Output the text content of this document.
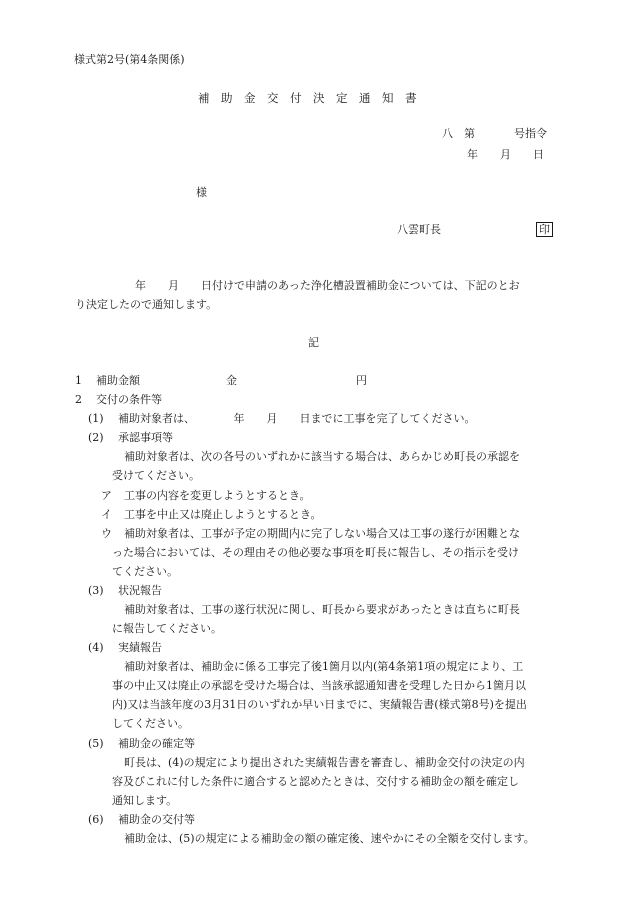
様式第2号(第4条関係)
補　助　金　交　付　決　定　通　知　書
八　第	号指令
年　　月　　日
様
八雲町長	印
年　　月　　日付けで申請のあった浄化槽設置補助金については、下記のとお
り決定したので通知します。
記
1 補助金額	金	円
2 交付の条件等
(1) 補助対象者は、　　　　年　　月　　日までに工事を完了してください。
(2) 承認事項等
補助対象者は、次の各号のいずれかに該当する場合は、あらかじめ町長の承認を
受けてください。
ア 工事の内容を変更しようとするとき。
イ 工事を中止又は廃止しようとするとき。
ウ 補助対象者は、工事が予定の期間内に完了しない場合又は工事の遂行が困難とな
った場合においては、その理由その他必要な事項を町長に報告し、その指示を受け
てください。
(3) 状況報告
補助対象者は、工事の遂行状況に関し、町長から要求があったときは直ちに町長
に報告してください。
(4) 実績報告
補助対象者は、補助金に係る工事完了後1箇月以内(第4条第1項の規定により、工
事の中止又は廃止の承認を受けた場合は、当該承認通知書を受理した日から1箇月以
内)又は当該年度の3月31日のいずれか早い日までに、実績報告書(様式第8号)を提出
してください。
(5) 補助金の確定等
町長は、(4)の規定により提出された実績報告書を審査し、補助金交付の決定の内
容及びこれに付した条件に適合すると認めたときは、交付する補助金の額を確定し
通知します。
(6) 補助金の交付等
補助金は、(5)の規定による補助金の額の確定後、速やかにその全額を交付します。
